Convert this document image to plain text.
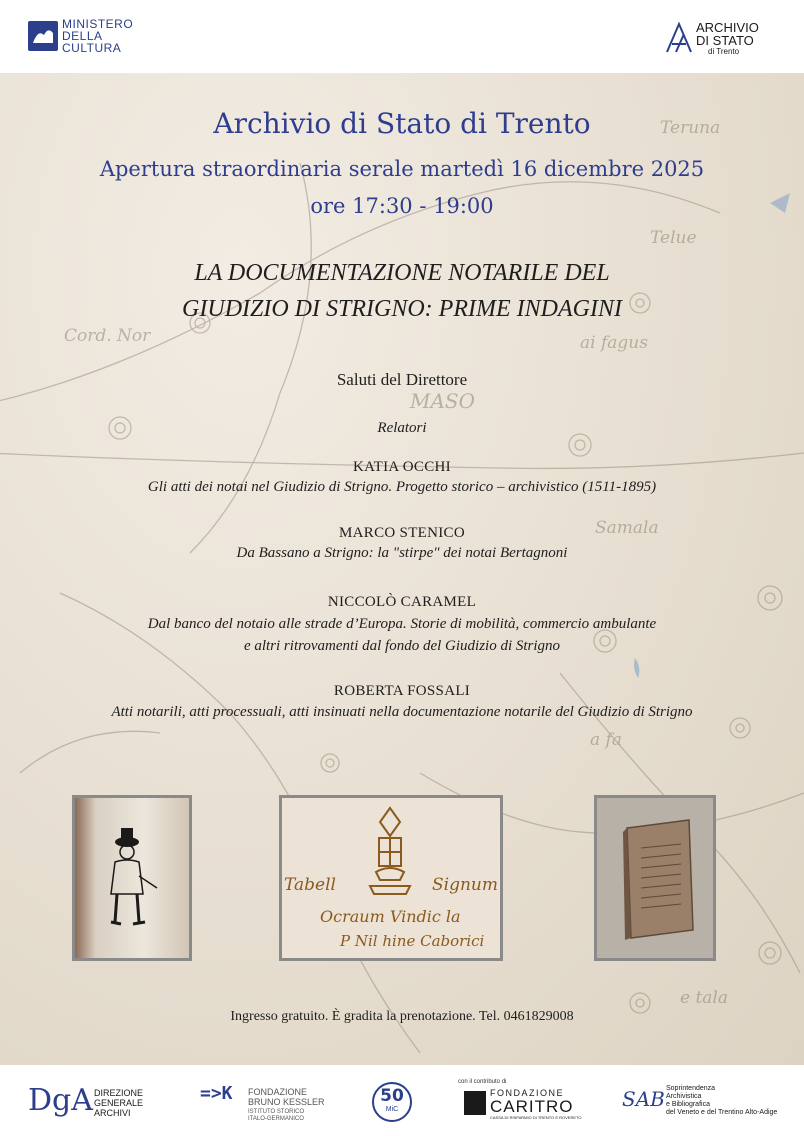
MINISTERO
DELLA
CULTURA
ARCHIVIO
DI STATO
di Trento
Teruna
Telue
Cord. Nor	ai fagus
MASO
Samala
a fa
e tala
Archivio di Stato di Trento
Apertura straordinaria serale martedì 16 dicembre 2025
ore 17:30 - 19:00
LA DOCUMENTAZIONE NOTARILE DEL
GIUDIZIO DI STRIGNO: PRIME INDAGINI
Saluti del Direttore
Relatori
KATIA OCCHI
Gli atti dei notai nel Giudizio di Strigno. Progetto storico – archivistico (1511-1895)
MARCO STENICO
Da Bassano a Strigno: la "stirpe" dei notai Bertagnoni
NICCOLÒ CARAMEL
Dal banco del notaio alle strade d’Europa. Storie di mobilità, commercio ambulante
e altri ritrovamenti dal fondo del Giudizio di Strigno
ROBERTA FOSSALI
Atti notarili, atti processuali, atti insinuati nella documentazione notarile del Giudizio di Strigno
Tabell	Signum
Ocraum Vindic la
P Nil hine Caborici
Ingresso gratuito. È gradita la prenotazione. Tel. 0461829008
DgA DIREZIONE
GENERALE
ARCHIVI
=>K FONDAZIONE
BRUNO KESSLER
ISTITUTO STORICO
ITALO-GERMANICO
50
MiC
con il contributo di
FONDAZIONE
CARITRO
CASSA DI RISPARMIO DI TRENTO E ROVERETO
SAB Soprintendenza
Archivistica
e Bibliografica
del Veneto e del Trentino Alto-Adige
